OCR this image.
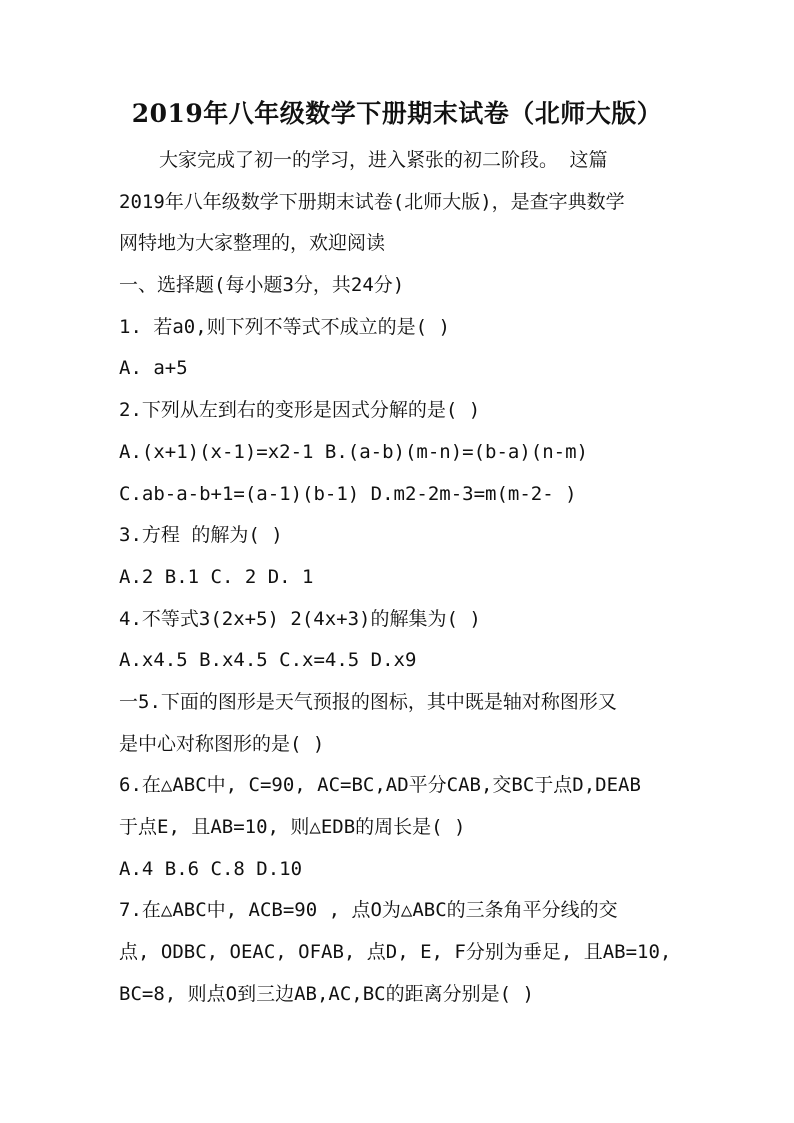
2019年八年级数学下册期末试卷（北师大版）

大家完成了初一的学习，进入紧张的初二阶段。 这篇

2019年八年级数学下册期末试卷(北师大版)，是查字典数学

网特地为大家整理的，欢迎阅读

一、选择题(每小题3分，共24分)

1. 若a0,则下列不等式不成立的是( )

A. a+5

2.下列从左到右的变形是因式分解的是( )

A.(x+1)(x-1)=x2-1 B.(a-b)(m-n)=(b-a)(n-m)

C.ab-a-b+1=(a-1)(b-1) D.m2-2m-3=m(m-2- )

3.方程 的解为( )

A.2 B.1 C. 2 D. 1

4.不等式3(2x+5) 2(4x+3)的解集为( )

A.x4.5 B.x4.5 C.x=4.5 D.x9

一5.下面的图形是天气预报的图标，其中既是轴对称图形又

是中心对称图形的是( )

6.在△ABC中, C=90, AC=BC,AD平分CAB,交BC于点D,DEAB

于点E, 且AB=10, 则△EDB的周长是( )

A.4 B.6 C.8 D.10

7.在△ABC中, ACB=90 , 点O为△ABC的三条角平分线的交

点, ODBC, OEAC, OFAB, 点D, E, F分别为垂足, 且AB=10,

BC=8, 则点O到三边AB,AC,BC的距离分别是( )
